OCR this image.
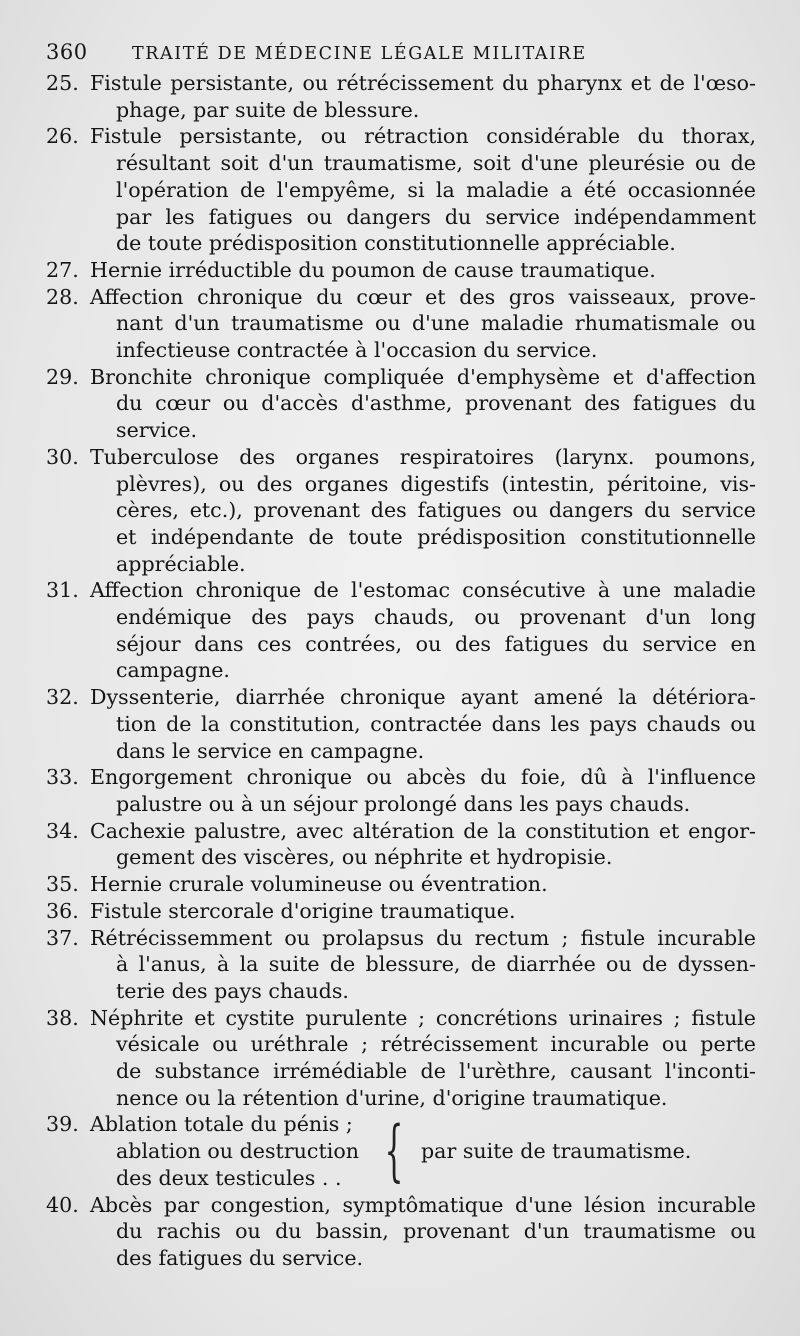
360	TRAITÉ DE MÉDECINE LÉGALE MILITAIRE
25. Fistule persistante, ou rétrécissement du pharynx et de l'œso-
phage, par suite de blessure.
26. Fistule persistante, ou rétraction considérable du thorax,
résultant soit d'un traumatisme, soit d'une pleurésie ou de
l'opération de l'empyême, si la maladie a été occasionnée
par les fatigues ou dangers du service indépendamment
de toute prédisposition constitutionnelle appréciable.
27. Hernie irréductible du poumon de cause traumatique.
28. Affection chronique du cœur et des gros vaisseaux, prove-
nant d'un traumatisme ou d'une maladie rhumatismale ou
infectieuse contractée à l'occasion du service.
29. Bronchite chronique compliquée d'emphysème et d'affection
du cœur ou d'accès d'asthme, provenant des fatigues du
service.
30. Tuberculose des organes respiratoires (larynx. poumons,
plèvres), ou des organes digestifs (intestin, péritoine, vis-
cères, etc.), provenant des fatigues ou dangers du service
et indépendante de toute prédisposition constitutionnelle
appréciable.
31. Affection chronique de l'estomac consécutive à une maladie
endémique des pays chauds, ou provenant d'un long
séjour dans ces contrées, ou des fatigues du service en
campagne.
32. Dyssenterie, diarrhée chronique ayant amené la détériora-
tion de la constitution, contractée dans les pays chauds ou
dans le service en campagne.
33. Engorgement chronique ou abcès du foie, dû à l'influence
palustre ou à un séjour prolongé dans les pays chauds.
34. Cachexie palustre, avec altération de la constitution et engor-
gement des viscères, ou néphrite et hydropisie.
35. Hernie crurale volumineuse ou éventration.
36. Fistule stercorale d'origine traumatique.
37. Rétrécissemment ou prolapsus du rectum ; fistule incurable
à l'anus, à la suite de blessure, de diarrhée ou de dyssen-
terie des pays chauds.
38. Néphrite et cystite purulente ; concrétions urinaires ; fistule
vésicale ou uréthrale ; rétrécissement incurable ou perte
de substance irrémédiable de l'urèthre, causant l'inconti-
nence ou la rétention d'urine, d'origine traumatique.
39. Ablation totale du pénis ;
ablation ou destruction
des deux testicules . . { par suite de traumatisme.
40. Abcès par congestion, symptômatique d'une lésion incurable
du rachis ou du bassin, provenant d'un traumatisme ou
des fatigues du service.
